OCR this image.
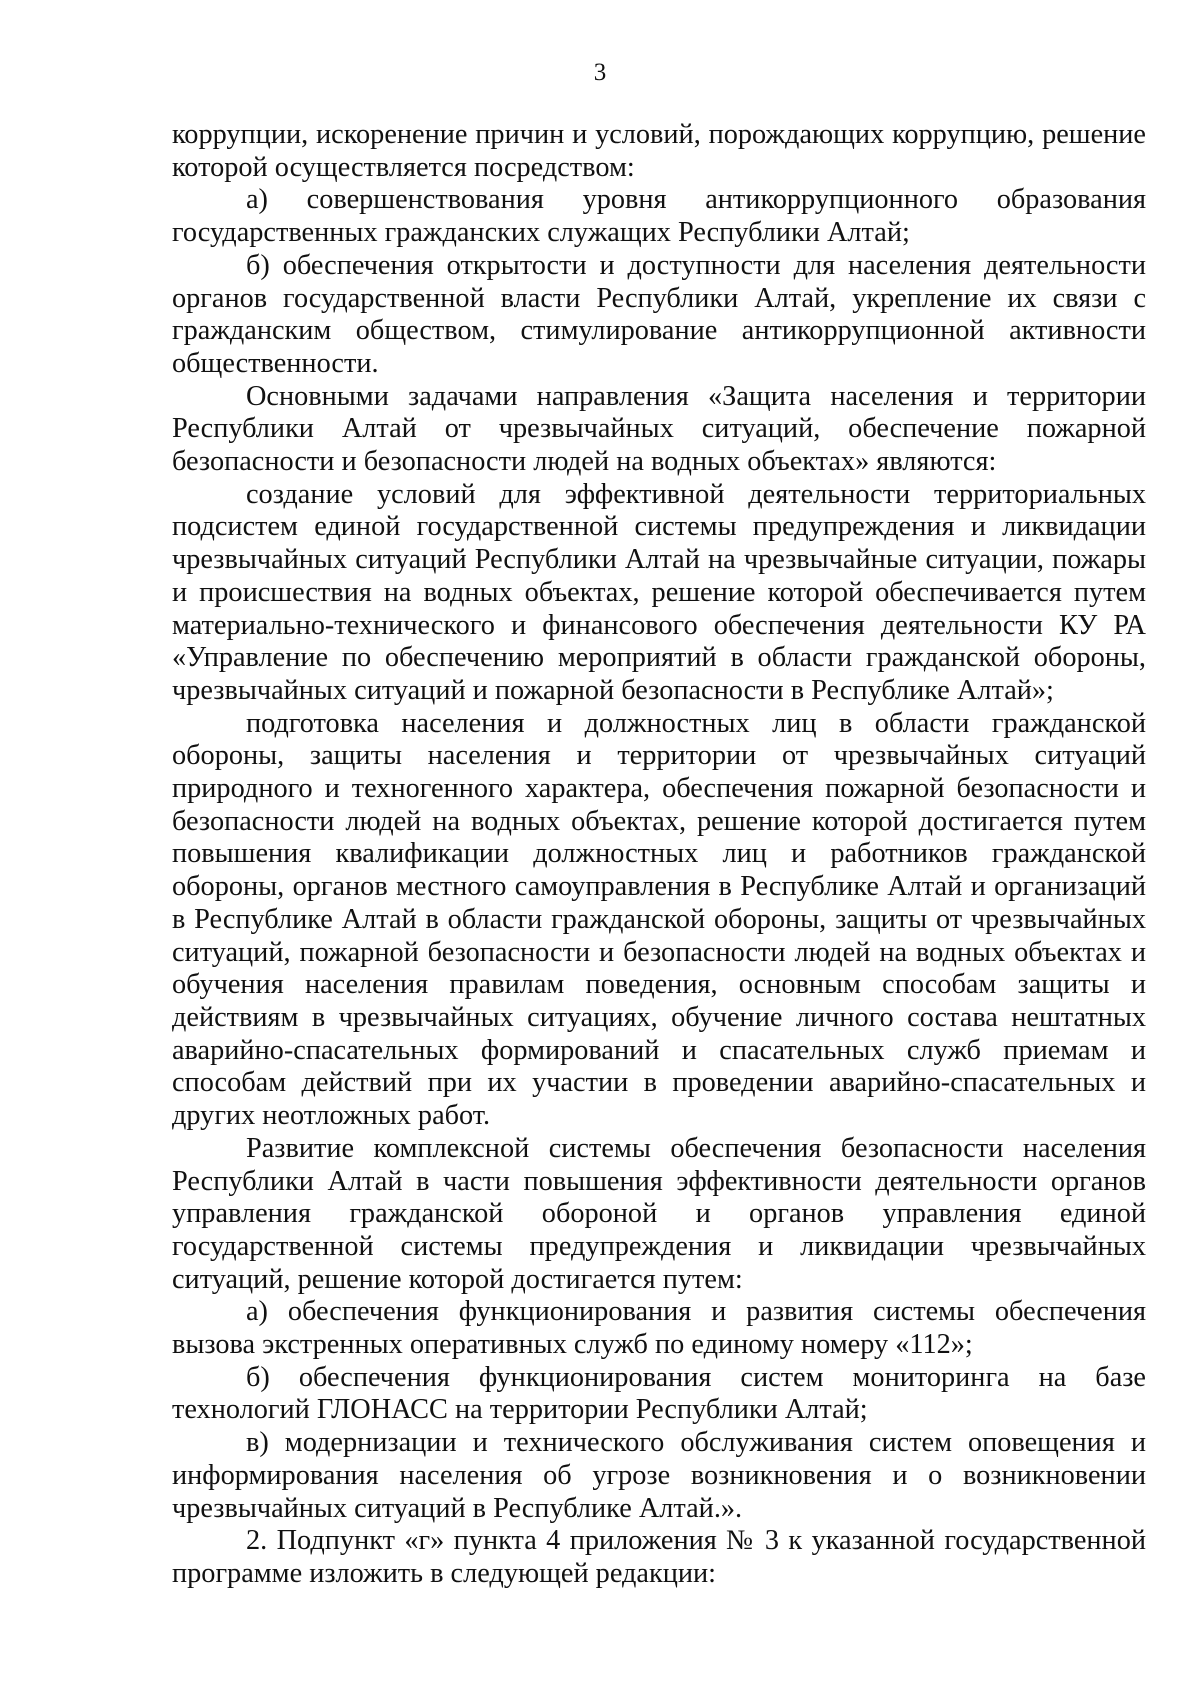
3

коррупции, искоренение причин и условий, порождающих коррупцию, решение которой осуществляется посредством:

а) совершенствования уровня антикоррупционного образования государственных гражданских служащих Республики Алтай;

б) обеспечения открытости и доступности для населения деятельности органов государственной власти Республики Алтай, укрепление их связи с гражданским обществом, стимулирование антикоррупционной активности общественности.

Основными задачами направления «Защита населения и территории Республики Алтай от чрезвычайных ситуаций, обеспечение пожарной безопасности и безопасности людей на водных объектах» являются:

создание условий для эффективной деятельности территориальных подсистем единой государственной системы предупреждения и ликвидации чрезвычайных ситуаций Республики Алтай на чрезвычайные ситуации, пожары и происшествия на водных объектах, решение которой обеспечивается путем материально-технического и финансового обеспечения деятельности КУ РА «Управление по обеспечению мероприятий в области гражданской обороны, чрезвычайных ситуаций и пожарной безопасности в Республике Алтай»;

подготовка населения и должностных лиц в области гражданской обороны, защиты населения и территории от чрезвычайных ситуаций природного и техногенного характера, обеспечения пожарной безопасности и безопасности людей на водных объектах, решение которой достигается путем повышения квалификации должностных лиц и работников гражданской обороны, органов местного самоуправления в Республике Алтай и организаций в Республике Алтай в области гражданской обороны, защиты от чрезвычайных ситуаций, пожарной безопасности и безопасности людей на водных объектах и обучения населения правилам поведения, основным способам защиты и действиям в чрезвычайных ситуациях, обучение личного состава нештатных аварийно-спасательных формирований и спасательных служб приемам и способам действий при их участии в проведении аварийно-спасательных и других неотложных работ.

Развитие комплексной системы обеспечения безопасности населения Республики Алтай в части повышения эффективности деятельности органов управления гражданской обороной и органов управления единой государственной системы предупреждения и ликвидации чрезвычайных ситуаций, решение которой достигается путем:

а) обеспечения функционирования и развития системы обеспечения вызова экстренных оперативных служб по единому номеру «112»;

б) обеспечения функционирования систем мониторинга на базе технологий ГЛОНАСС на территории Республики Алтай;

в) модернизации и технического обслуживания систем оповещения и информирования населения об угрозе возникновения и о возникновении чрезвычайных ситуаций в Республике Алтай.».

2. Подпункт «г» пункта 4 приложения № 3 к указанной государственной программе изложить в следующей редакции:
